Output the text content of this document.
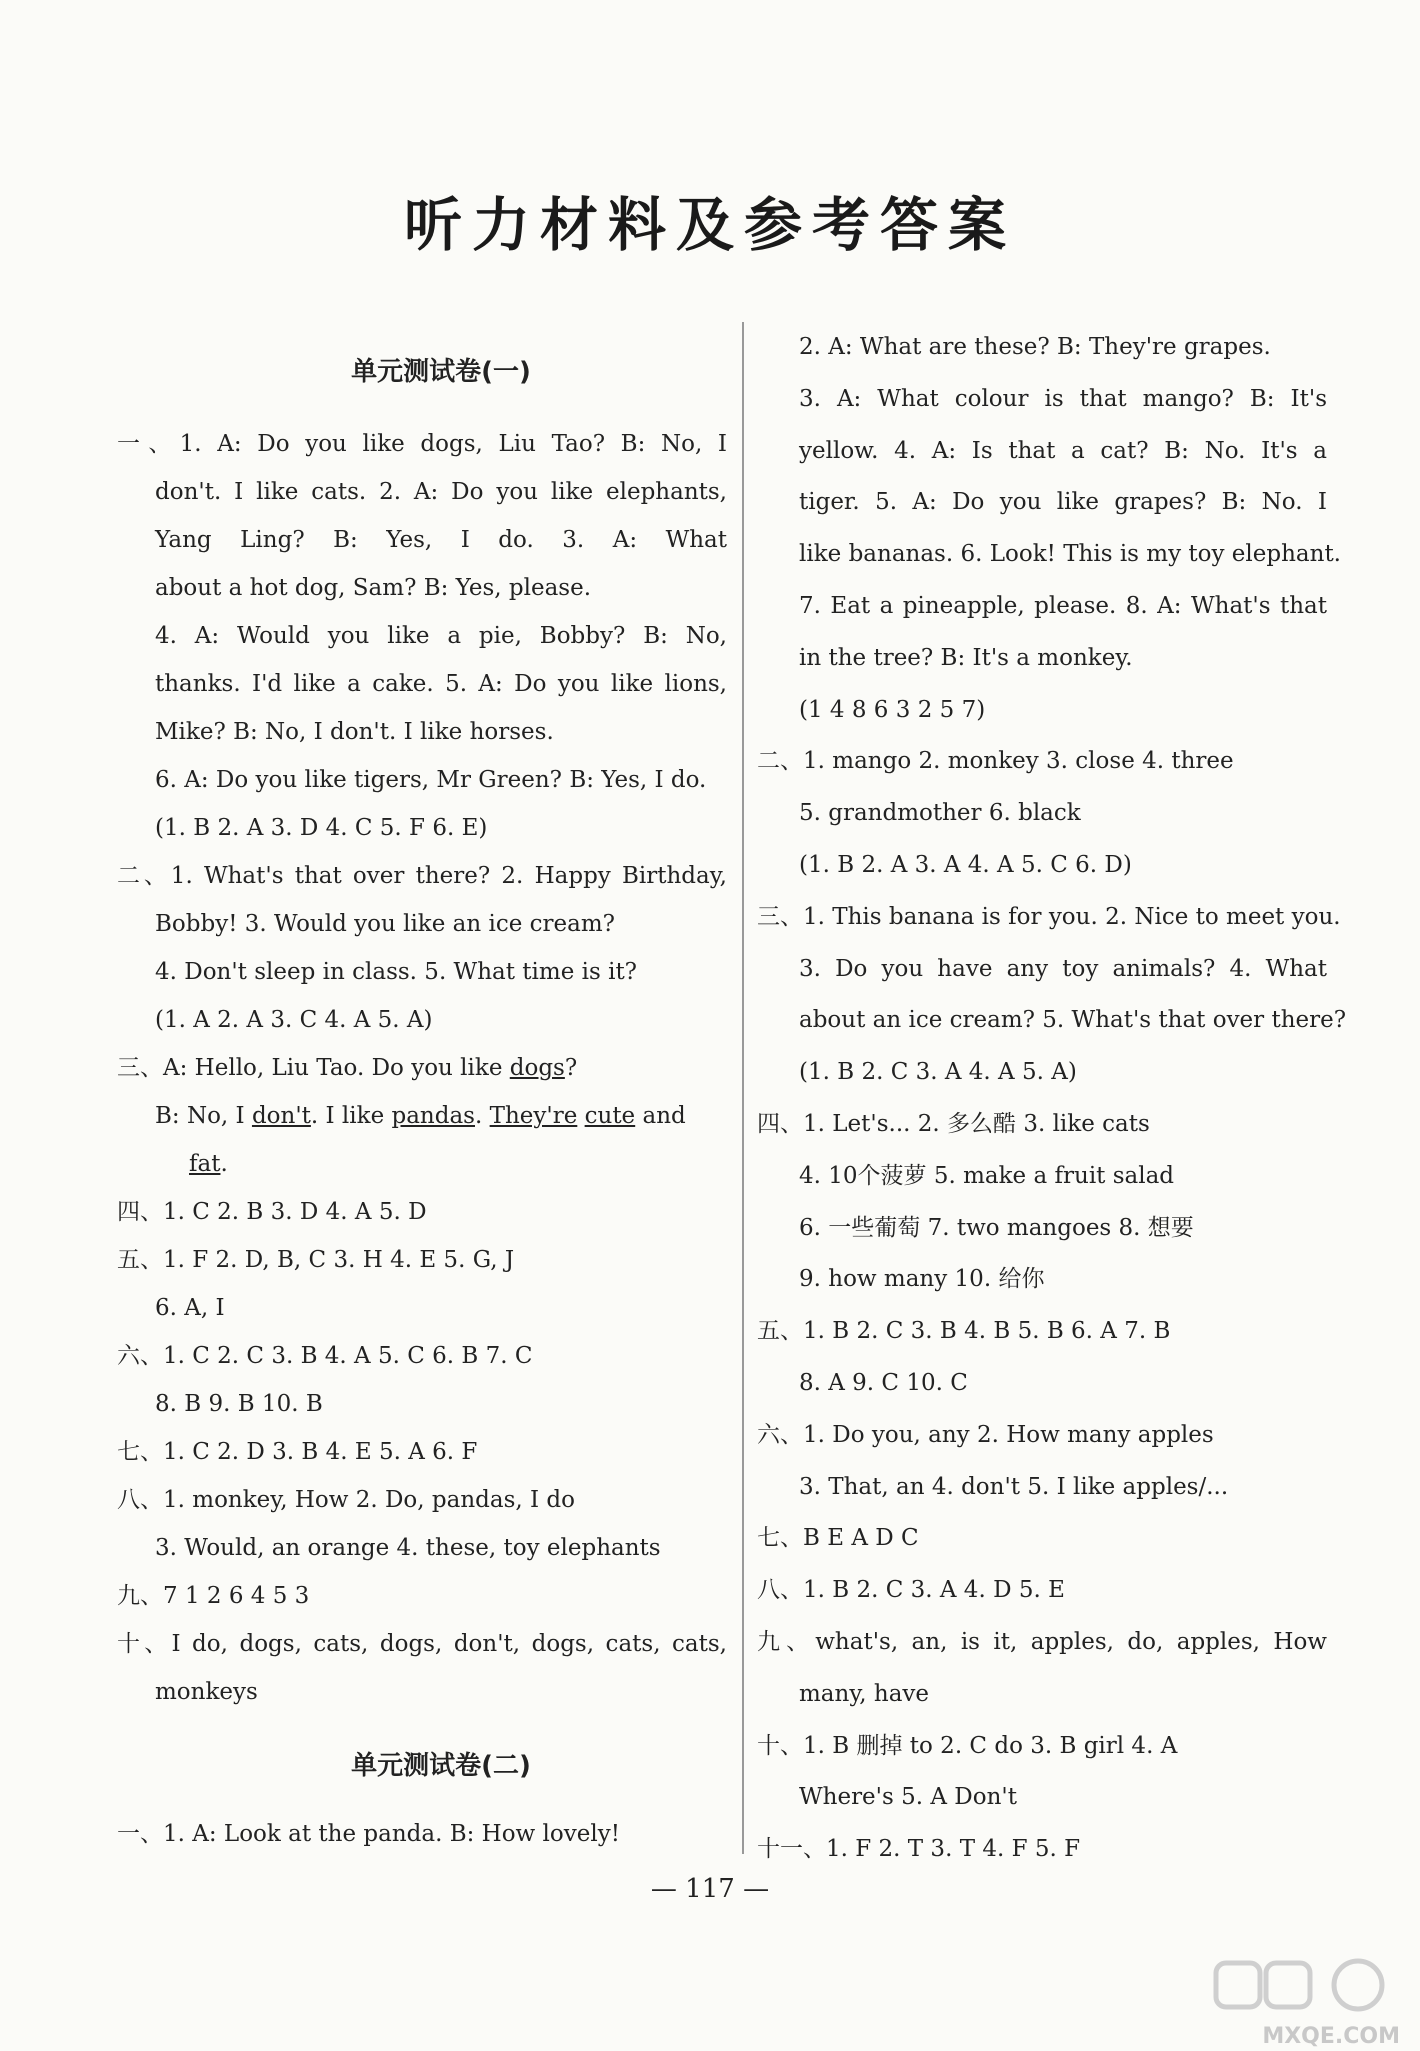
听力材料及参考答案
单元测试卷(一)
一、1. A: Do you like dogs, Liu Tao? B: No, I
don't. I like cats. 2. A: Do you like elephants,
Yang Ling? B: Yes, I do. 3. A: What
about a hot dog, Sam? B: Yes, please.
4. A: Would you like a pie, Bobby? B: No,
thanks. I'd like a cake. 5. A: Do you like lions,
Mike? B: No, I don't. I like horses.
6. A: Do you like tigers, Mr Green? B: Yes, I do.
(1. B 2. A 3. D 4. C 5. F 6. E)
二、1. What's that over there? 2. Happy Birthday,
Bobby! 3. Would you like an ice cream?
4. Don't sleep in class. 5. What time is it?
(1. A 2. A 3. C 4. A 5. A)
三、A: Hello, Liu Tao. Do you like dogs?
B: No, I don't. I like pandas. They're cute and
fat.
四、1. C 2. B 3. D 4. A 5. D
五、1. F 2. D, B, C 3. H 4. E 5. G, J
6. A, I
六、1. C 2. C 3. B 4. A 5. C 6. B 7. C
8. B 9. B 10. B
七、1. C 2. D 3. B 4. E 5. A 6. F
八、1. monkey, How 2. Do, pandas, I do
3. Would, an orange 4. these, toy elephants
九、7 1 2 6 4 5 3
十、I do, dogs, cats, dogs, don't, dogs, cats, cats,
monkeys
单元测试卷(二)
一、1. A: Look at the panda. B: How lovely!
2. A: What are these? B: They're grapes.
3. A: What colour is that mango? B: It's
yellow. 4. A: Is that a cat? B: No. It's a
tiger. 5. A: Do you like grapes? B: No. I
like bananas. 6. Look! This is my toy elephant.
7. Eat a pineapple, please. 8. A: What's that
in the tree? B: It's a monkey.
(1 4 8 6 3 2 5 7)
二、1. mango 2. monkey 3. close 4. three
5. grandmother 6. black
(1. B 2. A 3. A 4. A 5. C 6. D)
三、1. This banana is for you. 2. Nice to meet you.
3. Do you have any toy animals? 4. What
about an ice cream? 5. What's that over there?
(1. B 2. C 3. A 4. A 5. A)
四、1. Let's... 2. 多么酷 3. like cats
4. 10个菠萝 5. make a fruit salad
6. 一些葡萄 7. two mangoes 8. 想要
9. how many 10. 给你
五、1. B 2. C 3. B 4. B 5. B 6. A 7. B
8. A 9. C 10. C
六、1. Do you, any 2. How many apples
3. That, an 4. don't 5. I like apples/...
七、B E A D C
八、1. B 2. C 3. A 4. D 5. E
九、what's, an, is it, apples, do, apples, How
many, have
十、1. B 删掉 to 2. C do 3. B girl 4. A
Where's 5. A Don't
十一、1. F 2. T 3. T 4. F 5. F
— 117 —
MXQE.COM
